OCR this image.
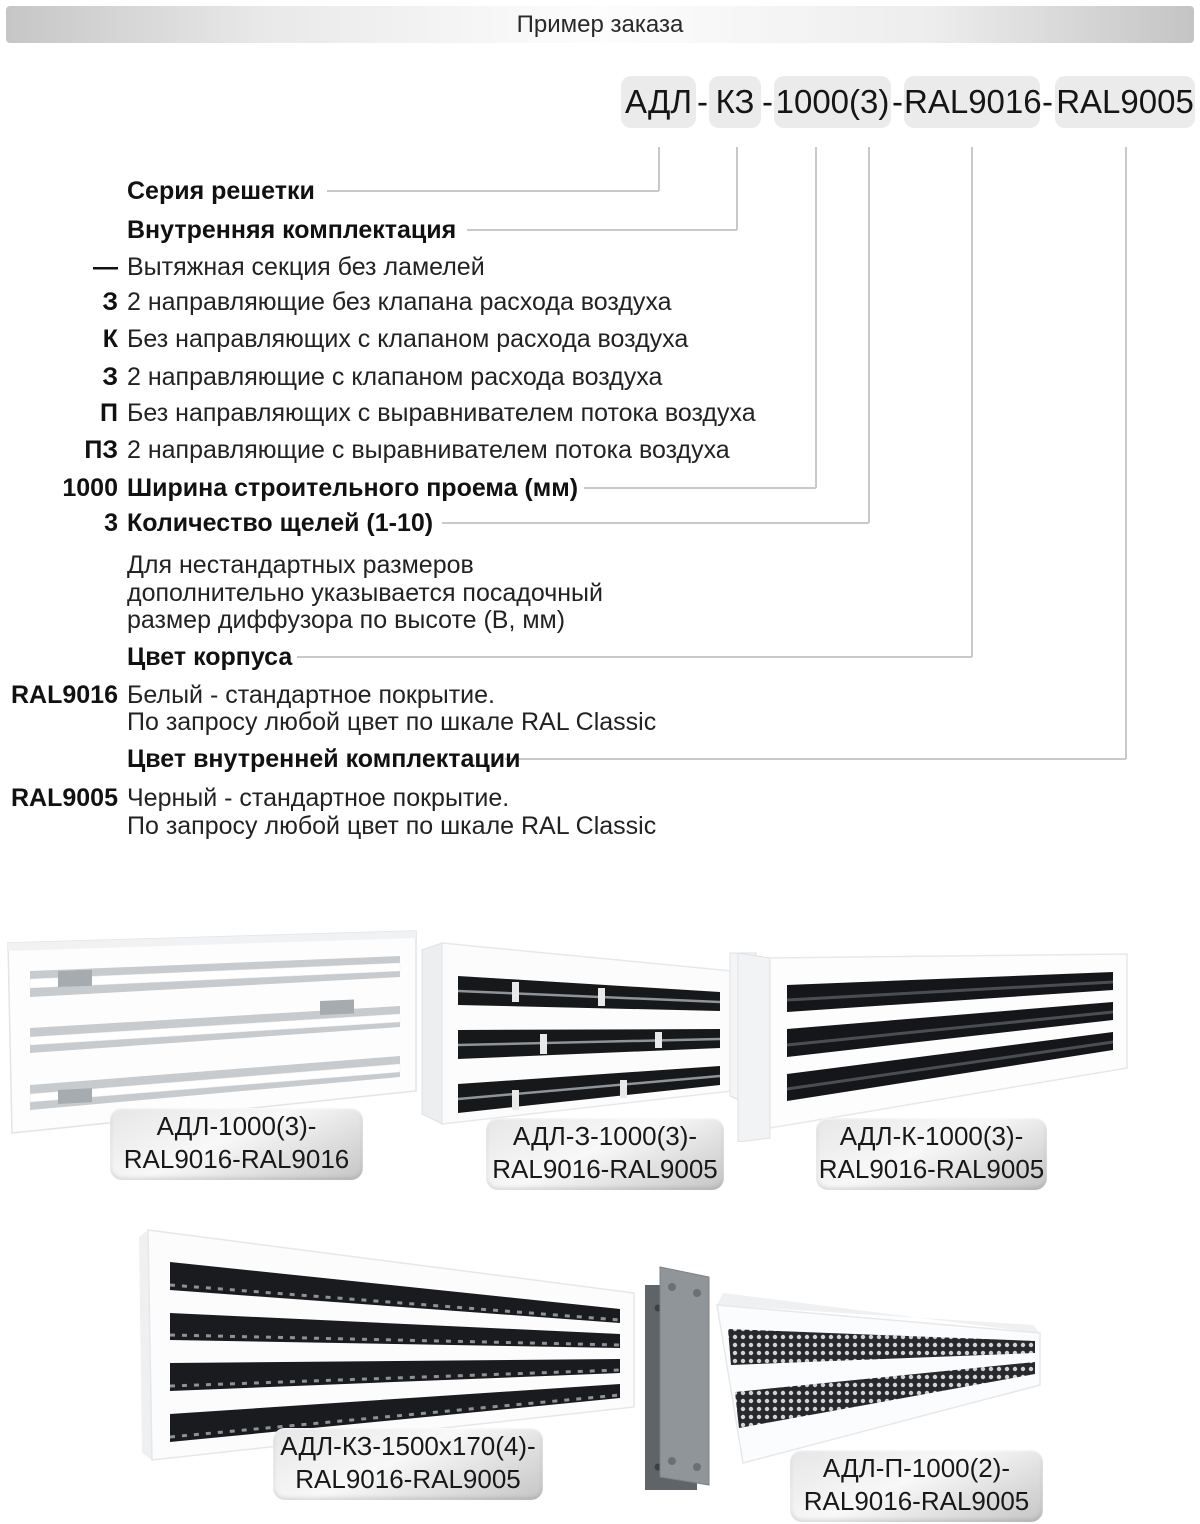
Пример заказа
АДЛ - КЗ - 1000(3) - RAL9016 - RAL9005
Серия решетки
Внутренняя комплектация
— Вытяжная секция без ламелей
З 2 направляющие без клапана расхода воздуха
К Без направляющих с клапаном расхода воздуха
З 2 направляющие с клапаном расхода воздуха
П Без направляющих с выравнивателем потока воздуха
ПЗ 2 направляющие с выравнивателем потока воздуха
1000 Ширина строительного проема (мм)
3 Количество щелей (1-10)
Для нестандартных размеров
дополнительно указывается посадочный
размер диффузора по высоте (В, мм)
Цвет корпуса
RAL9016 Белый - стандартное покрытие.
По запросу любой цвет по шкале RAL Classic
Цвет внутренней комплектации
RAL9005 Черный - стандартное покрытие.
По запросу любой цвет по шкале RAL Classic
АДЛ-1000(3)-
RAL9016-RAL9016
АДЛ-З-1000(3)-
RAL9016-RAL9005
АДЛ-К-1000(3)-
RAL9016-RAL9005
АДЛ-КЗ-1500х170(4)-
RAL9016-RAL9005	АДЛ-П-1000(2)-
RAL9016-RAL9005
